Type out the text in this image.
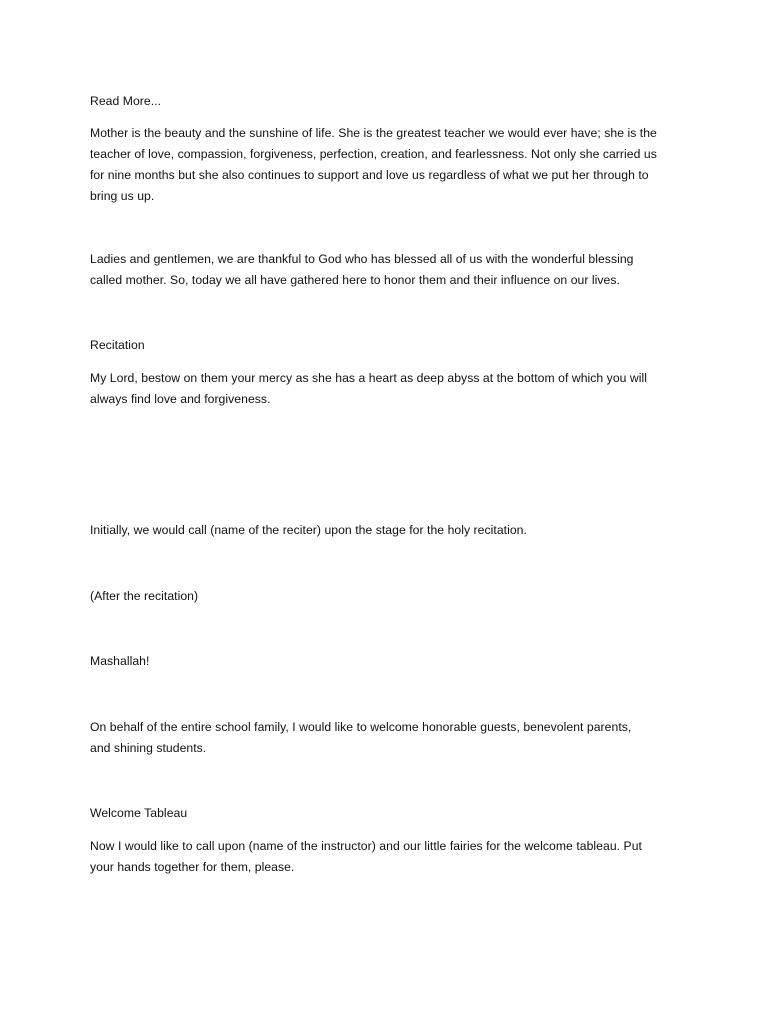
Read More...

Mother is the beauty and the sunshine of life. She is the greatest teacher we would ever have; she is the
teacher of love, compassion, forgiveness, perfection, creation, and fearlessness. Not only she carried us
for nine months but she also continues to support and love us regardless of what we put her through to
bring us up.

Ladies and gentlemen, we are thankful to God who has blessed all of us with the wonderful blessing
called mother. So, today we all have gathered here to honor them and their influence on our lives.

Recitation

My Lord, bestow on them your mercy as she has a heart as deep abyss at the bottom of which you will
always find love and forgiveness.

Initially, we would call (name of the reciter) upon the stage for the holy recitation.

(After the recitation)

Mashallah!

On behalf of the entire school family, I would like to welcome honorable guests, benevolent parents,
and shining students.

Welcome Tableau

Now I would like to call upon (name of the instructor) and our little fairies for the welcome tableau. Put
your hands together for them, please.
